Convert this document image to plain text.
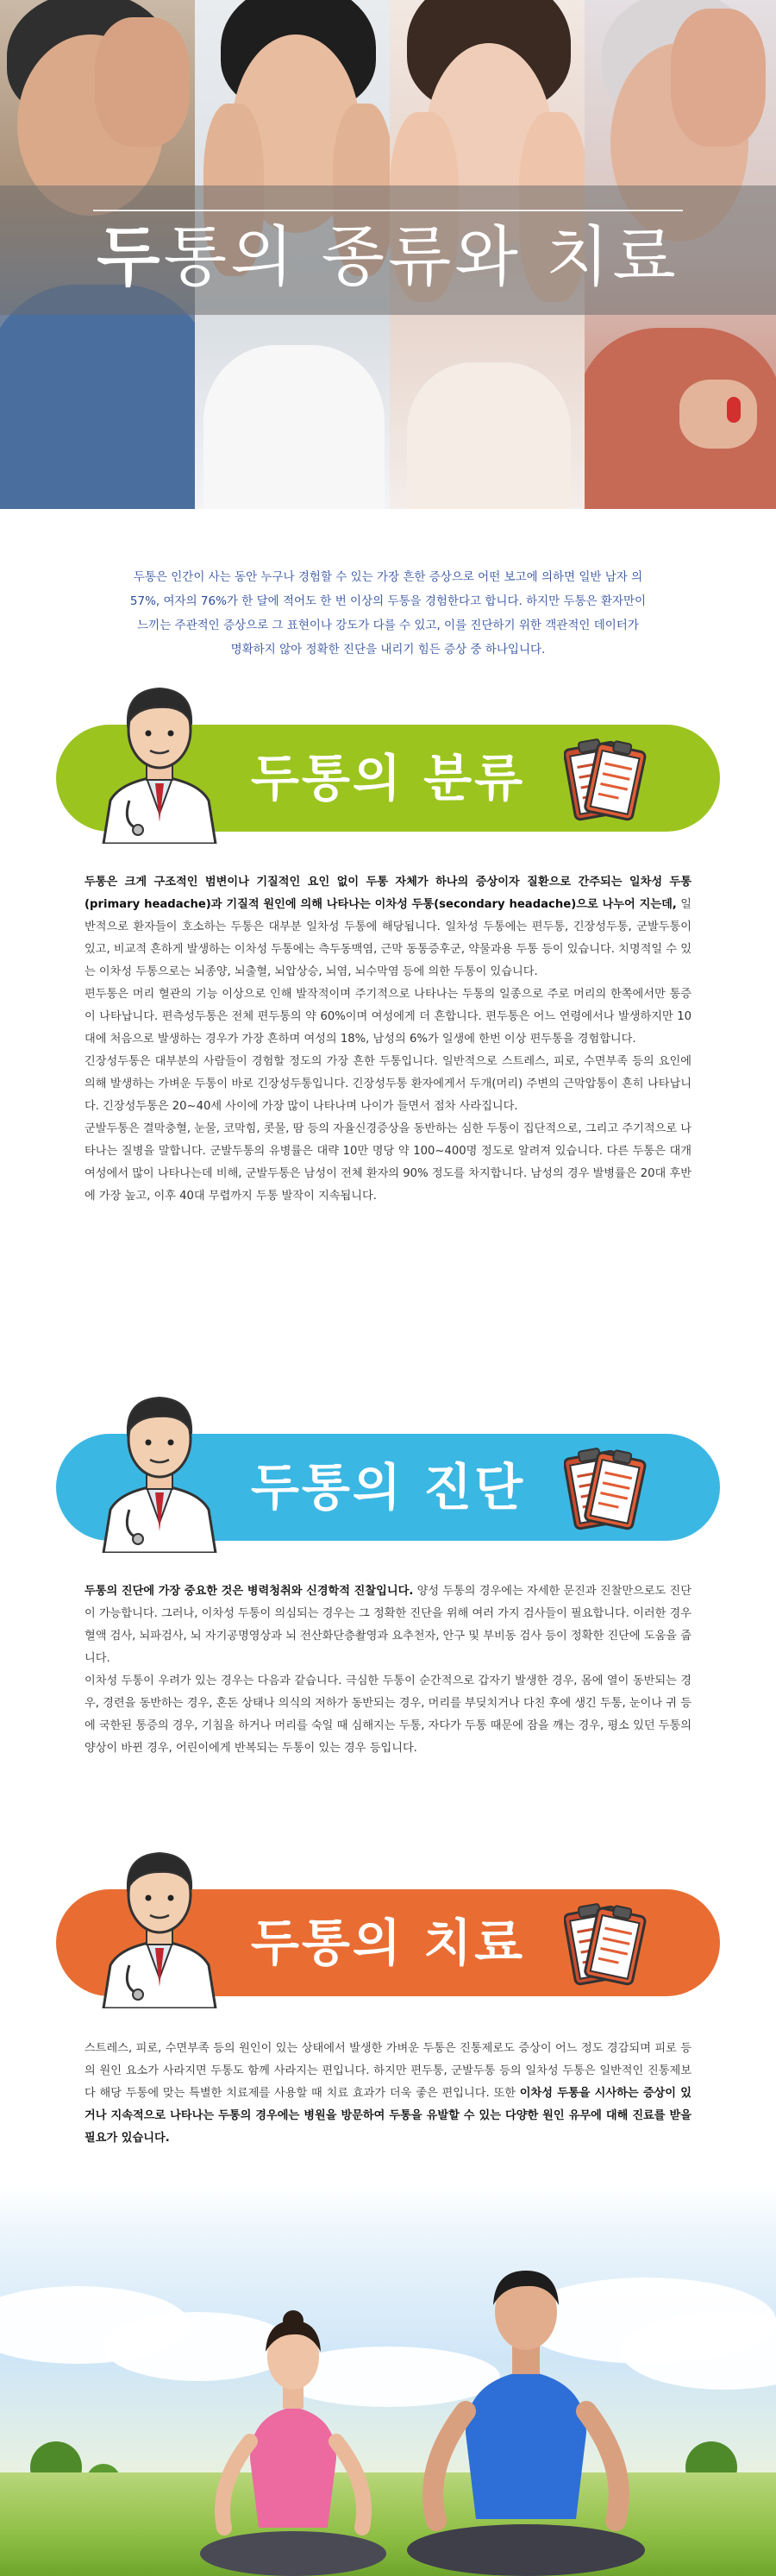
두통의 종류와 치료
두통은 인간이 사는 동안 누구나 경험할 수 있는 가장 흔한 증상으로 어떤 보고에 의하면 일반 남자 의
57%, 여자의 76%가 한 달에 적어도 한 번 이상의 두통을 경험한다고 합니다. 하지만 두통은 환자만이
느끼는 주관적인 증상으로 그 표현이나 강도가 다를 수 있고, 이를 진단하기 위한 객관적인 데이터가
명확하지 않아 정확한 진단을 내리기 힘든 증상 중 하나입니다.
두통의 분류

두통은 크게 구조적인 범변이나 기질적인 요인 없이 두통 자체가 하나의 증상이자 질환으로 간주되는 일차성 두통(primary headache)과 기질적 원인에 의해 나타나는 이차성 두통(secondary headache)으로 나누어 지는데, 일반적으로 환자들이 호소하는 두통은 대부분 일차성 두통에 해당됩니다. 일차성 두통에는 편두통, 긴장성두통, 군발두통이 있고, 비교적 흔하게 발생하는 이차성 두통에는 측두동맥염, 근막 동통증후군, 약물과용 두통 등이 있습니다. 치명적일 수 있는 이차성 두통으로는 뇌종양, 뇌출혈, 뇌압상승, 뇌염, 뇌수막염 등에 의한 두통이 있습니다.

편두통은 머리 혈관의 기능 이상으로 인해 발작적이며 주기적으로 나타나는 두통의 일종으로 주로 머리의 한쪽에서만 통증이 나타납니다. 편측성두통은 전체 편두통의 약 60%이며 여성에게 더 흔합니다. 편두통은 어느 연령에서나 발생하지만 10대에 처음으로 발생하는 경우가 가장 흔하며 여성의 18%, 남성의 6%가 일생에 한번 이상 편두통을 경험합니다.

긴장성두통은 대부분의 사람들이 경험할 정도의 가장 흔한 두통입니다. 일반적으로 스트레스, 피로, 수면부족 등의 요인에 의해 발생하는 가벼운 두통이 바로 긴장성두통입니다. 긴장성두통 환자에게서 두개(머리) 주변의 근막압통이 흔히 나타납니다. 긴장성두통은 20~40세 사이에 가장 많이 나타나며 나이가 들면서 점차 사라집니다.

군발두통은 결막충혈, 눈물, 코막힘, 콧물, 땀 등의 자율신경증상을 동반하는 심한 두통이 집단적으로, 그리고 주기적으로 나타나는 질병을 말합니다. 군발두통의 유병률은 대략 10만 명당 약 100~400명 정도로 알려져 있습니다. 다른 두통은 대개 여성에서 많이 나타나는데 비해, 군발두통은 남성이 전체 환자의 90% 정도를 차지합니다. 남성의 경우 발병률은 20대 후반에 가장 높고, 이후 40대 무렵까지 두통 발작이 지속됩니다.

두통의 진단

두통의 진단에 가장 중요한 것은 병력청취와 신경학적 진찰입니다. 양성 두통의 경우에는 자세한 문진과 진찰만으로도 진단이 가능합니다. 그러나, 이차성 두통이 의심되는 경우는 그 정확한 진단을 위해 여러 가지 검사들이 필요합니다. 이러한 경우 혈액 검사, 뇌파검사, 뇌 자기공명영상과 뇌 전산화단층촬영과 요추천자, 안구 및 부비동 검사 등이 정확한 진단에 도움을 줍니다.

이차성 두통이 우려가 있는 경우는 다음과 같습니다. 극심한 두통이 순간적으로 갑자기 발생한 경우, 몸에 열이 동반되는 경우, 경련을 동반하는 경우, 혼돈 상태나 의식의 저하가 동반되는 경우, 머리를 부딪치거나 다친 후에 생긴 두통, 눈이나 귀 등에 국한된 통증의 경우, 기침을 하거나 머리를 숙일 때 심해지는 두통, 자다가 두통 때문에 잠을 깨는 경우, 평소 있던 두통의 양상이 바뀐 경우, 어린이에게 반복되는 두통이 있는 경우 등입니다.

두통의 치료

스트레스, 피로, 수면부족 등의 원인이 있는 상태에서 발생한 가벼운 두통은 진통제로도 증상이 어느 정도 경감되며 피로 등의 원인 요소가 사라지면 두통도 함께 사라지는 편입니다. 하지만 편두통, 군발두통 등의 일차성 두통은 일반적인 진통제보다 해당 두통에 맞는 특별한 치료제를 사용할 때 치료 효과가 더욱 좋은 편입니다. 또한 이차성 두통을 시사하는 증상이 있거나 지속적으로 나타나는 두통의 경우에는 병원을 방문하여 두통을 유발할 수 있는 다양한 원인 유무에 대해 진료를 받을 필요가 있습니다.
